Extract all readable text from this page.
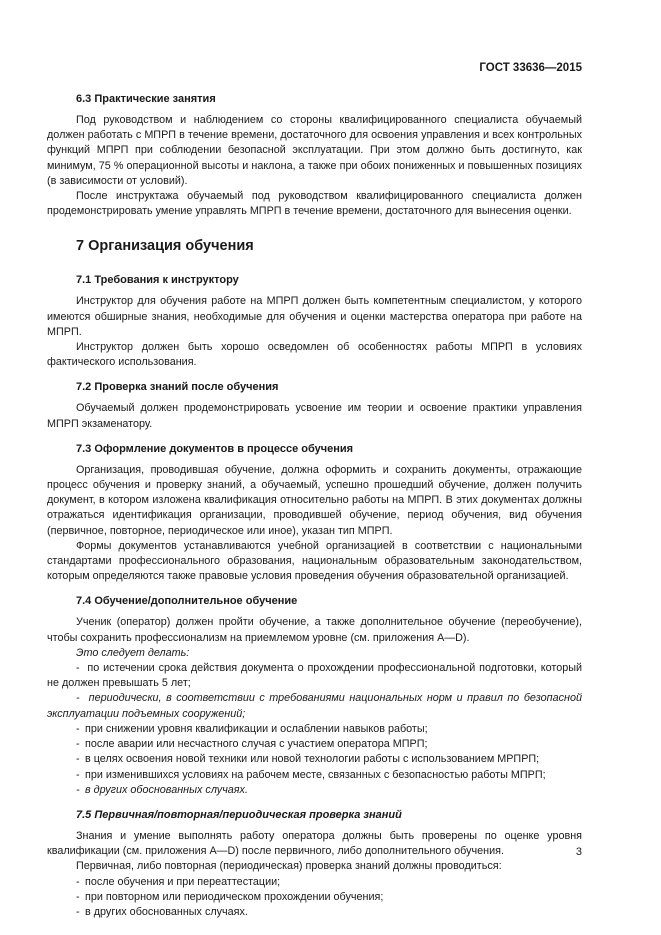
ГОСТ 33636—2015
6.3 Практические занятия

Под руководством и наблюдением со стороны квалифицированного специалиста обучаемый должен работать с МПРП в течение времени, достаточного для освоения управления и всех контрольных функций МПРП при соблюдении безопасной эксплуатации. При этом должно быть достигнуто, как минимум, 75 % операционной высоты и наклона, а также при обоих пониженных и повышенных позициях (в зависимости от условий).

После инструктажа обучаемый под руководством квалифицированного специалиста должен продемонстрировать умение управлять МПРП в течение времени, достаточного для вынесения оценки.

7 Организация обучения
7.1 Требования к инструктору

Инструктор для обучения работе на МПРП должен быть компетентным специалистом, у которого имеются обширные знания, необходимые для обучения и оценки мастерства оператора при работе на МПРП.

Инструктор должен быть хорошо осведомлен об особенностях работы МПРП в условиях фактического использования.

7.2 Проверка знаний после обучения

Обучаемый должен продемонстрировать усвоение им теории и освоение практики управления МПРП экзаменатору.

7.3 Оформление документов в процессе обучения

Организация, проводившая обучение, должна оформить и сохранить документы, отражающие процесс обучения и проверку знаний, а обучаемый, успешно прошедший обучение, должен получить документ, в котором изложена квалификация относительно работы на МПРП. В этих документах должны отражаться идентификация организации, проводившей обучение, период обучения, вид обучения (первичное, повторное, периодическое или иное), указан тип МПРП.

Формы документов устанавливаются учебной организацией в соответствии с национальными стандартами профессионального образования, национальным образовательным законодательством, которым определяются также правовые условия проведения обучения образовательной организацией.

7.4 Обучение/дополнительное обучение

Ученик (оператор) должен пройти обучение, а также дополнительное обучение (переобучение), чтобы сохранить профессионализм на приемлемом уровне (см. приложения А—D).

Это следует делать:

-  по истечении срока действия документа о прохождении профессиональной подготовки, который не должен превышать 5 лет;

-  периодически, в соответствии с требованиями национальных норм и правил по безопасной эксплуатации подъемных сооружений;

- при снижении уровня квалификации и ослаблении навыков работы;
- после аварии или несчастного случая с участием оператора МПРП;
- в целях освоения новой техники или новой технологии работы с использованием МРПРП;
- при изменившихся условиях на рабочем месте, связанных с безопасностью работы МПРП;
- в других обоснованных случаях.
7.5 Первичная/повторная/периодическая проверка знаний

Знания и умение выполнять работу оператора должны быть проверены по оценке уровня квалификации (см. приложения А—D) после первичного, либо дополнительного обучения.

Первичная, либо повторная (периодическая) проверка знаний должны проводиться:

- после обучения и при переаттестации;
- при повторном или периодическом прохождении обучения;
- в других обоснованных случаях.
3
